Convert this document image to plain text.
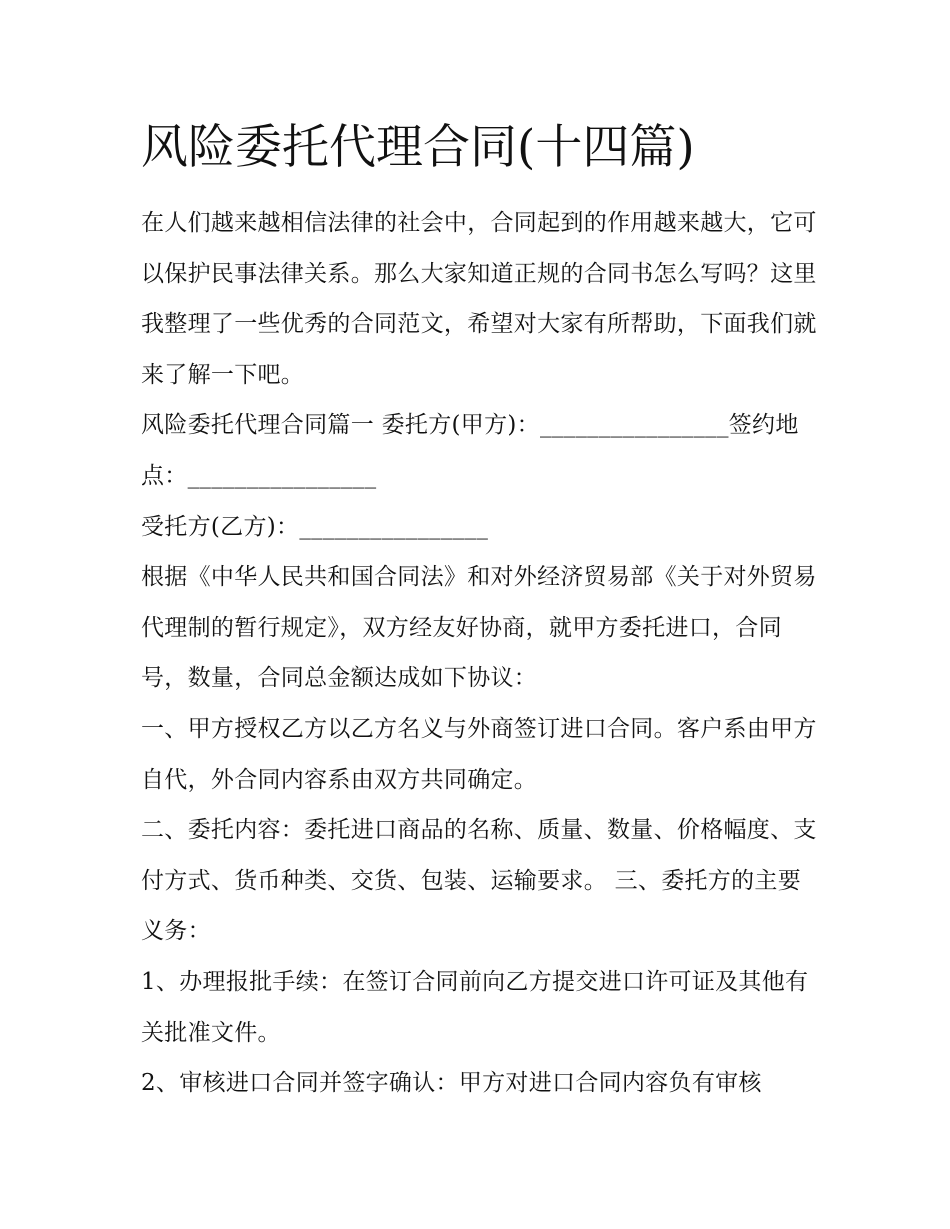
风险委托代理合同(十四篇)

在人们越来越相信法律的社会中，合同起到的作用越来越大，它可以保护民事法律关系。那么大家知道正规的合同书怎么写吗？这里我整理了一些优秀的合同范文，希望对大家有所帮助，下面我们就来了解一下吧。

风险委托代理合同篇一 委托方(甲方)：________________签约地点：________________

受托方(乙方)：________________

根据《中华人民共和国合同法》和对外经济贸易部《关于对外贸易代理制的暂行规定》，双方经友好协商，就甲方委托进口，合同号，数量，合同总金额达成如下协议：

一、甲方授权乙方以乙方名义与外商签订进口合同。客户系由甲方自代，外合同内容系由双方共同确定。

二、委托内容：委托进口商品的名称、质量、数量、价格幅度、支付方式、货币种类、交货、包装、运输要求。 三、委托方的主要义务：

1、办理报批手续：在签订合同前向乙方提交进口许可证及其他有关批准文件。

2、审核进口合同并签字确认：甲方对进口合同内容负有审核
